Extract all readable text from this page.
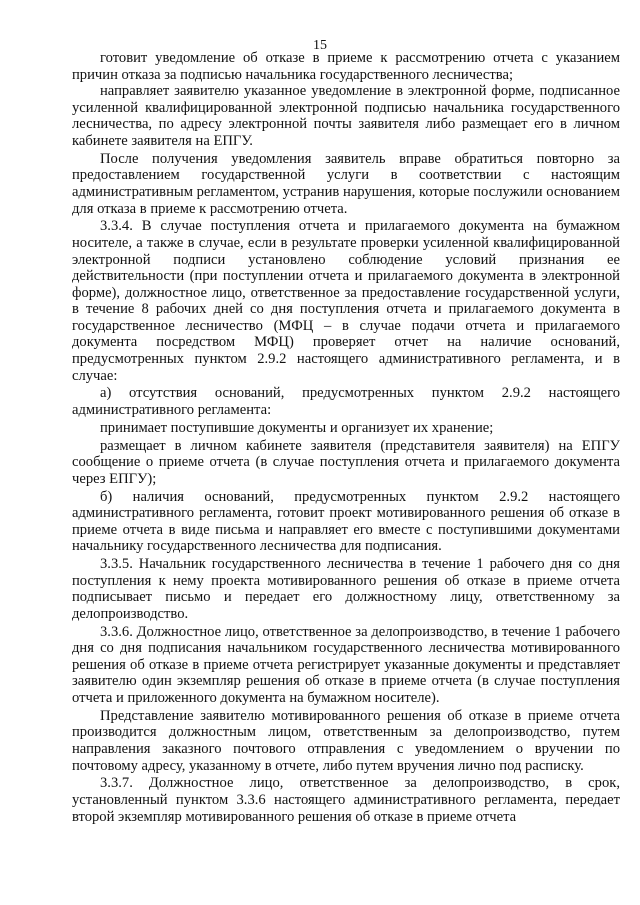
15

готовит уведомление об отказе в приеме к рассмотрению отчета с указанием причин отказа за подписью начальника государственного лесничества;

направляет заявителю указанное уведомление в электронной форме, подписанное усиленной квалифицированной электронной подписью начальника государственного лесничества, по адресу электронной почты заявителя либо размещает его в личном кабинете заявителя на ЕПГУ.

После получения уведомления заявитель вправе обратиться повторно за предоставлением государственной услуги в соответствии с настоящим административным регламентом, устранив нарушения, которые послужили основанием для отказа в приеме к рассмотрению отчета.

3.3.4. В случае поступления отчета и прилагаемого документа на бумажном носителе, а также в случае, если в результате проверки усиленной квалифицированной электронной подписи установлено соблюдение условий признания ее действительности (при поступлении отчета и прилагаемого документа в электронной форме), должностное лицо, ответственное за предоставление государственной услуги, в течение 8 рабочих дней со дня поступления отчета и прилагаемого документа в государственное лесничество (МФЦ – в случае подачи отчета и прилагаемого документа посредством МФЦ) проверяет отчет на наличие оснований, предусмотренных пунктом 2.9.2 настоящего административного регламента, и в случае:

а) отсутствия оснований, предусмотренных пунктом 2.9.2 настоящего административного регламента:

принимает поступившие документы и организует их хранение;

размещает в личном кабинете заявителя (представителя заявителя) на ЕПГУ сообщение о приеме отчета (в случае поступления отчета и прилагаемого документа через ЕПГУ);

б) наличия оснований, предусмотренных пунктом 2.9.2 настоящего административного регламента, готовит проект мотивированного решения об отказе в приеме отчета в виде письма и направляет его вместе с поступившими документами начальнику государственного лесничества для подписания.

3.3.5. Начальник государственного лесничества в течение 1 рабочего дня со дня поступления к нему проекта мотивированного решения об отказе в приеме отчета подписывает письмо и передает его должностному лицу, ответственному за делопроизводство.

3.3.6. Должностное лицо, ответственное за делопроизводство, в течение 1 рабочего дня со дня подписания начальником государственного лесничества мотивированного решения об отказе в приеме отчета регистрирует указанные документы и представляет заявителю один экземпляр решения об отказе в приеме отчета (в случае поступления отчета и приложенного документа на бумажном носителе).

Представление заявителю мотивированного решения об отказе в приеме отчета производится должностным лицом, ответственным за делопроизводство, путем направления заказного почтового отправления с уведомлением о вручении по почтовому адресу, указанному в отчете, либо путем вручения лично под расписку.

3.3.7. Должностное лицо, ответственное за делопроизводство, в срок, установленный пунктом 3.3.6 настоящего административного регламента, передает второй экземпляр мотивированного решения об отказе в приеме отчета
